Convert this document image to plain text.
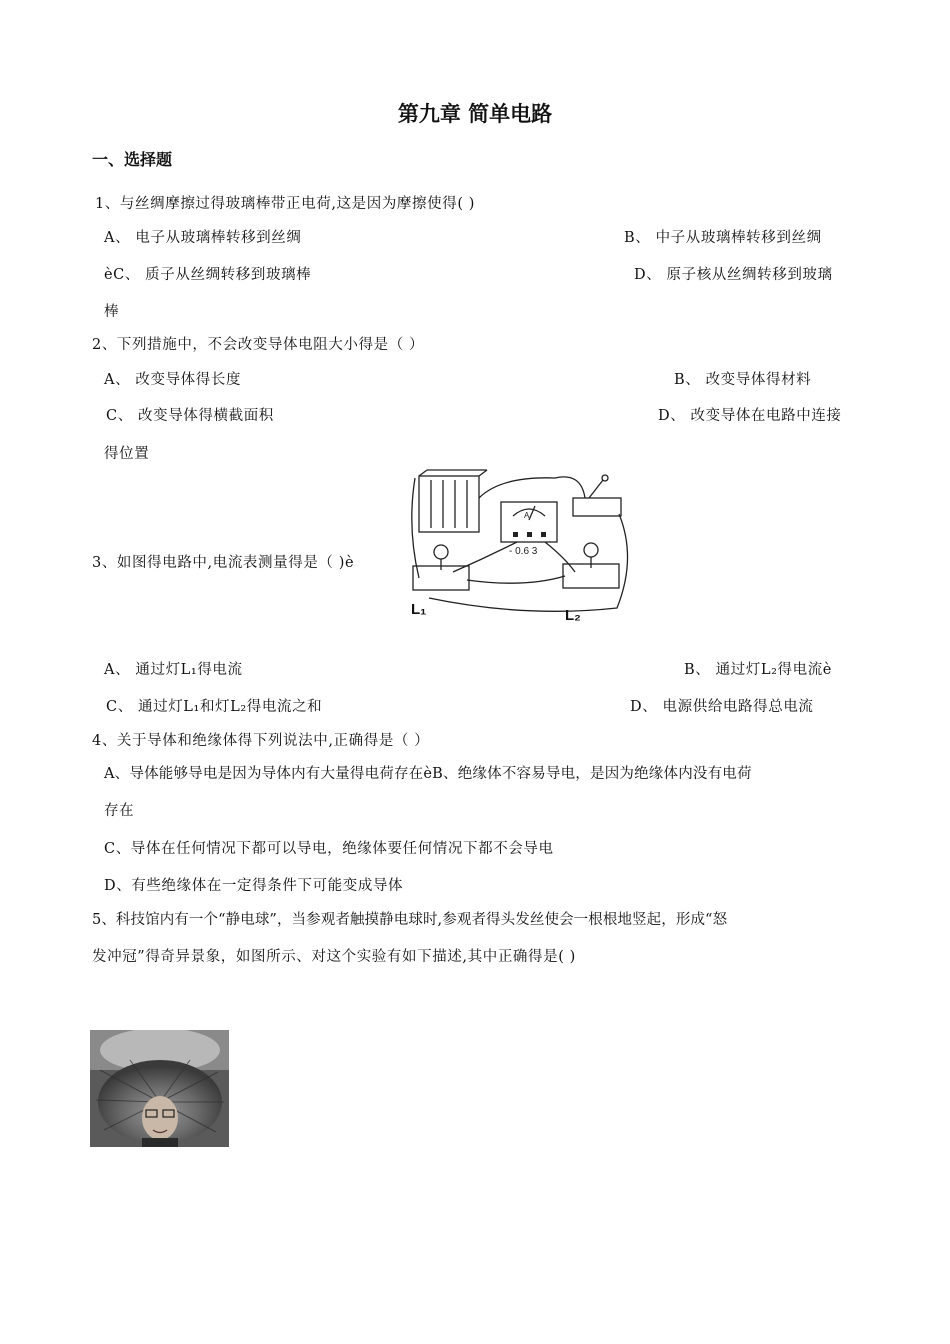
第九章 简单电路
一、选择题
1、与丝绸摩擦过得玻璃棒带正电荷,这是因为摩擦使得( )
A、 电子从玻璃棒转移到丝绸	B、 中子从玻璃棒转移到丝绸
ѐC、 质子从丝绸转移到玻璃棒	D、 原子核从丝绸转移到玻璃
棒
2、下列措施中，不会改变导体电阻大小得是（ ）
A、 改变导体得长度	B、 改变导体得材料
C、 改变导体得横截面积	D、 改变导体在电路中连接
得位置
A
- 0.6 3
L₁	L₂
3、如图得电路中,电流表测量得是（ )ѐ
A、 通过灯L₁得电流	B、 通过灯L₂得电流ѐ
C、 通过灯L₁和灯L₂得电流之和	D、 电源供给电路得总电流
4、关于导体和绝缘体得下列说法中,正确得是（ ）
A、导体能够导电是因为导体内有大量得电荷存在ѐB、绝缘体不容易导电，是因为绝缘体内没有电荷
存在
C、导体在任何情况下都可以导电，绝缘体要任何情况下都不会导电
D、有些绝缘体在一定得条件下可能变成导体
5、科技馆内有一个“静电球”，当参观者触摸静电球时,参观者得头发丝使会一根根地竖起，形成“怒
发冲冠”得奇异景象，如图所示、对这个实验有如下描述,其中正确得是( )
